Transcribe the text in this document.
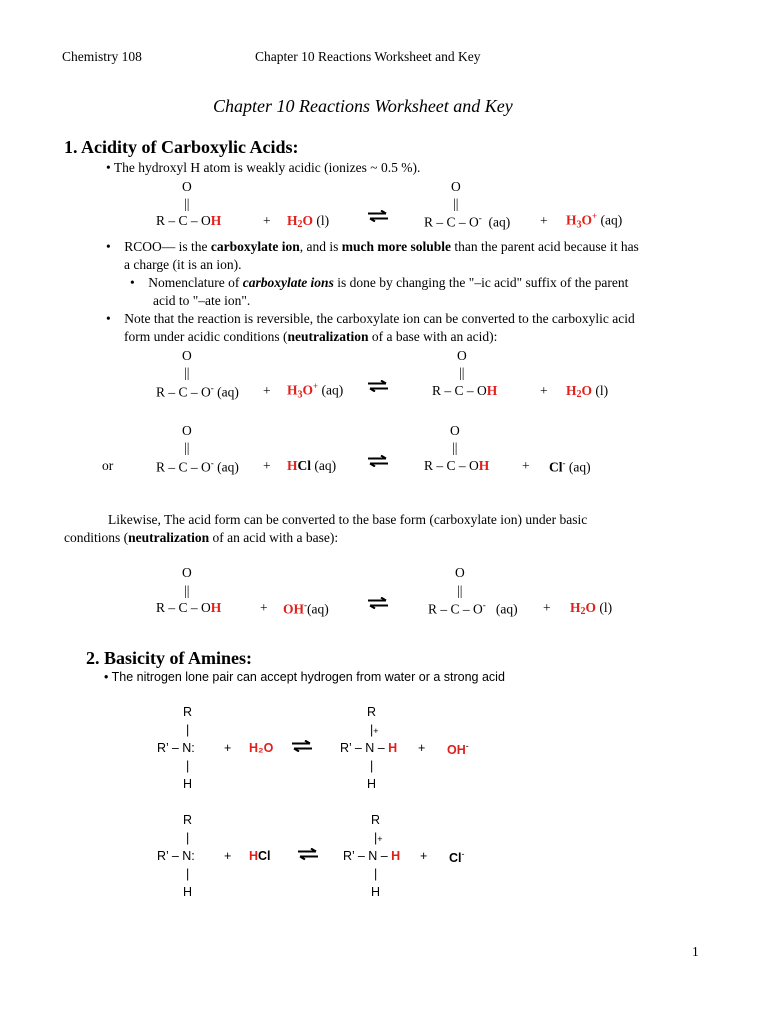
Chemistry 108	Chapter 10 Reactions Worksheet and Key
Chapter 10 Reactions Worksheet and Key
1. Acidity of Carboxylic Acids:
• The hydroxyl H atom is weakly acidic (ionizes ~ 0.5 %).
O
||
R – C – OH	+ H2O (l)
O
||
R – C – O- $(aq) + H_3O^+$ (aq)
•    RCOO— is the carboxylate ion, and is much more soluble than the parent acid because it has
a charge (it is an ion).
•    Nomenclature of carboxylate ions is done by changing the "–ic acid" suffix of the parent
acid to "–ate ion".
•    Note that the reaction is reversible, the carboxylate ion can be converted to the carboxylic acid
form under acidic conditions (neutralization of a base with an acid):
O
||
R – C – O- $(aq) + H_3O^+$ (aq)
O
||
R – C – OH	+ H2O (l)
O
||
or	R – C – O- (aq) + HCl (aq)
O
||
R – C – OH + Cl- (aq)
Likewise, The acid form can be converted to the base form (carboxylate ion) under basic
conditions (neutralization of an acid with a base):
O
||
R – C – OH	+ OH-(aq)
O
||
R – C – O- (aq) + H2O (l)
2. Basicity of Amines:
• The nitrogen lone pair can accept hydrogen from water or a strong acid
R
|
R’ – N:
|
H
+ H₂O ⇌
R
|+
R’ – N – H
|
H
+ OH-
R
|
R’ – N:
|
H
+ HCl
R
|+
R’ – N – H
|
H
+ Cl-
1
